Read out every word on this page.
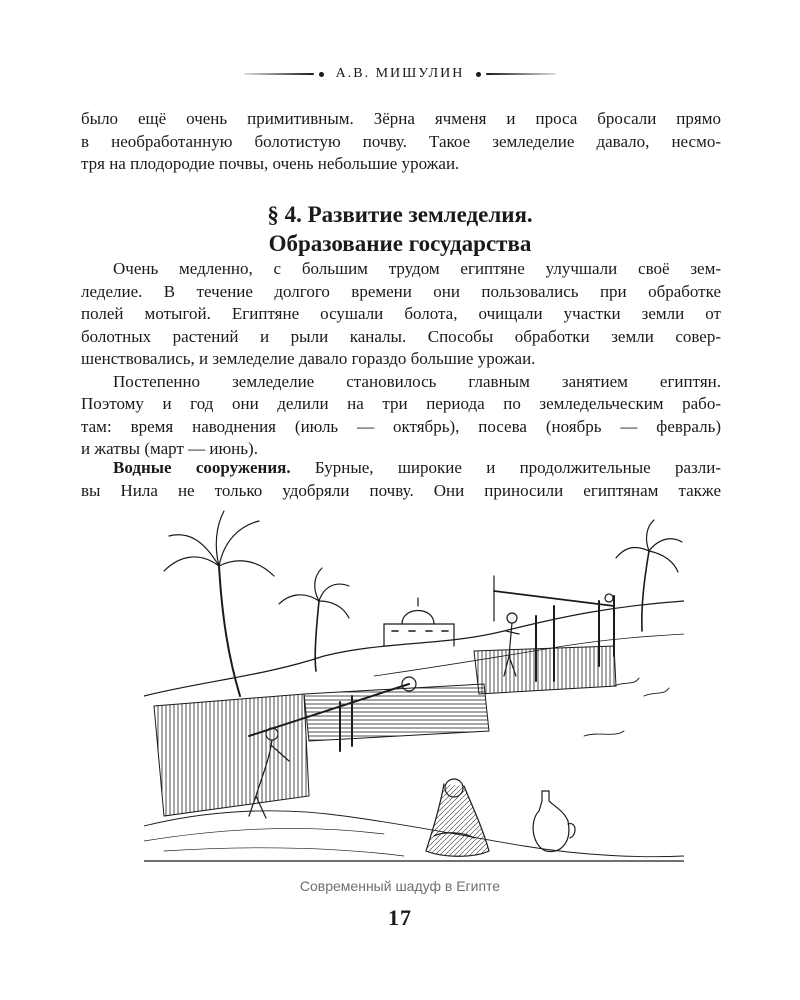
А.В. МИШУЛИН
было ещё очень примитивным. Зёрна ячменя и проса бросали прямо
в необработанную болотистую почву. Такое земледелие давало, несмо-
тря на плодородие почвы, очень небольшие урожаи.
§ 4. Развитие земледелия.
Образование государства
Очень медленно, с большим трудом египтяне улучшали своё зем-
леделие. В течение долгого времени они пользовались при обработке
полей мотыгой. Египтяне осушали болота, очищали участки земли от
болотных растений и рыли каналы. Способы обработки земли совер-
шенствовались, и земледелие давало гораздо большие урожаи.
Постепенно земледелие становилось главным занятием египтян.
Поэтому и год они делили на три периода по земледельческим рабо-
там: время наводнения (июль — октябрь), посева (ноябрь — февраль)
и жатвы (март — июнь).
Водные сооружения. Бурные, широкие и продолжительные разли-
вы Нила не только удобряли почву. Они приносили египтянам также
Современный шадуф в Египте
17
